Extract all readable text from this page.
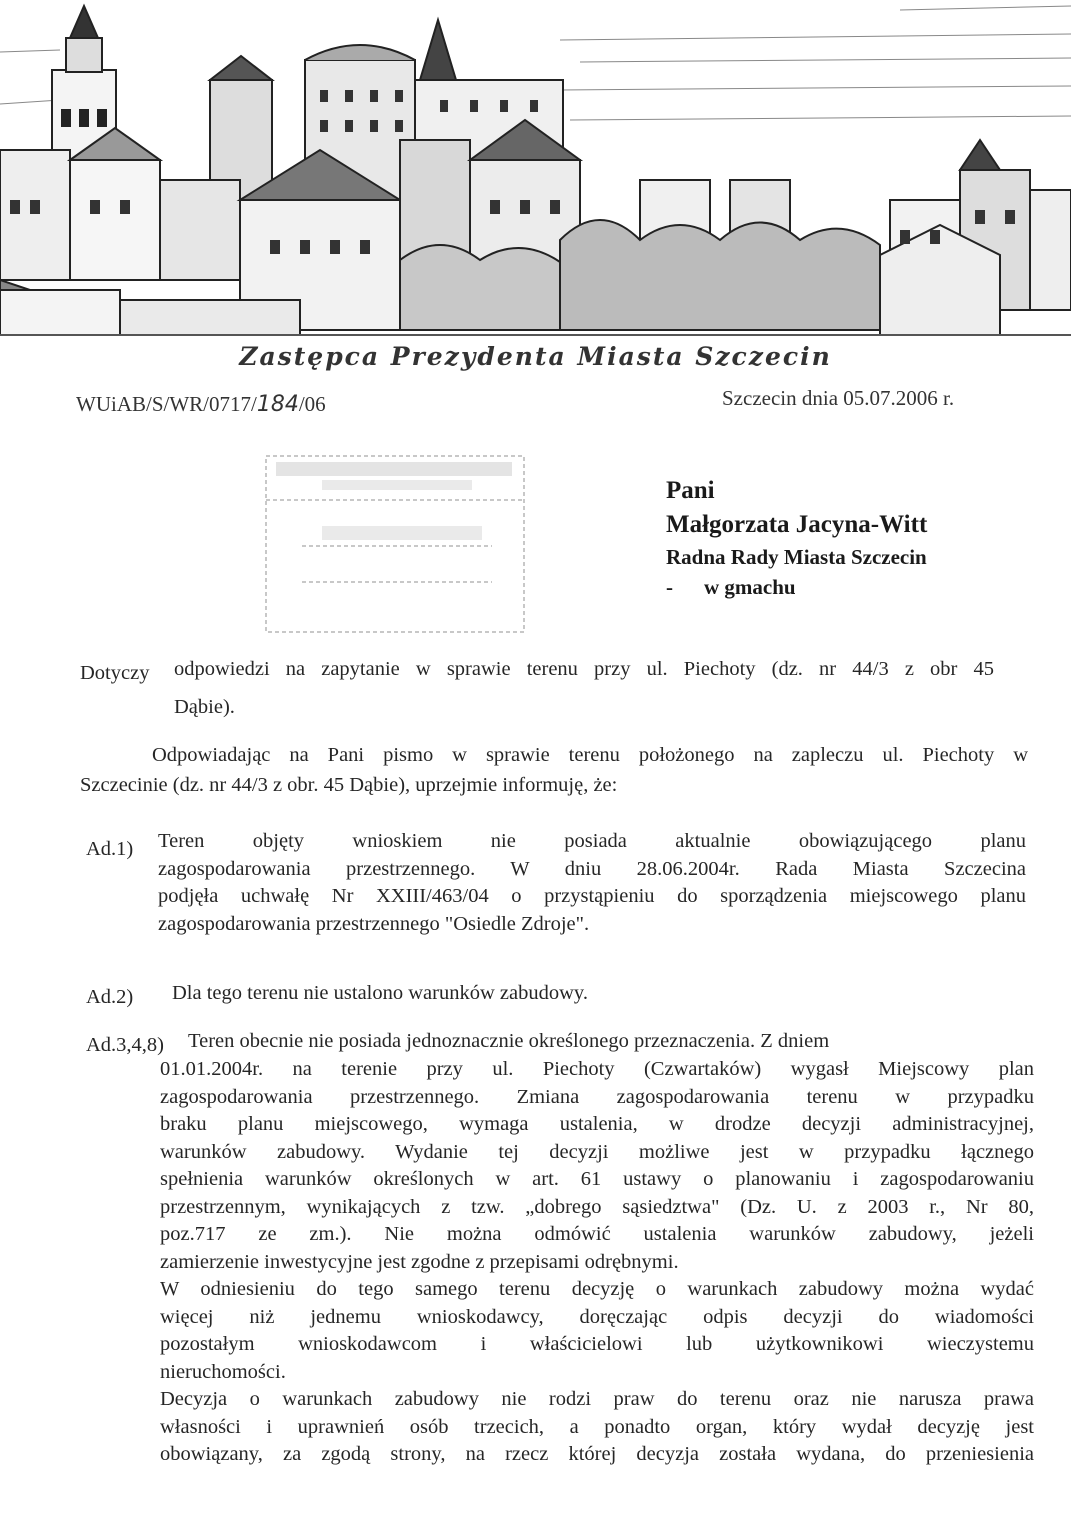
Zastępca Prezydenta Miasta Szczecin
WUiAB/S/WR/0717/184/06	Szczecin dnia 05.07.2006 r.
Pani
Małgorzata Jacyna-Witt
Radna Rady Miasta Szczecin
- w gmachu
Dotyczy odpowiedzi na zapytanie w sprawie terenu przy ul. Piechoty (dz. nr 44/3 z obr 45
Dąbie).
Odpowiadając na Pani pismo w sprawie terenu położonego na zapleczu ul. Piechoty w
Szczecinie (dz. nr 44/3 z obr. 45 Dąbie), uprzejmie informuję, że:
Ad.1) Teren objęty wnioskiem nie posiada aktualnie obowiązującego planu
zagospodarowania przestrzennego. W dniu 28.06.2004r. Rada Miasta Szczecina
podjęła uchwałę Nr XXIII/463/04 o przystąpieniu do sporządzenia miejscowego planu
zagospodarowania przestrzennego "Osiedle Zdroje".
Ad.2) Dla tego terenu nie ustalono warunków zabudowy.
Ad.3,4,8) Teren obecnie nie posiada jednoznacznie określonego przeznaczenia. Z dniem
01.01.2004r. na terenie przy ul. Piechoty (Czwartaków) wygasł Miejscowy plan
zagospodarowania przestrzennego. Zmiana zagospodarowania terenu w przypadku
braku planu miejscowego, wymaga ustalenia, w drodze decyzji administracyjnej,
warunków zabudowy. Wydanie tej decyzji możliwe jest w przypadku łącznego
spełnienia warunków określonych w art. 61 ustawy o planowaniu i zagospodarowaniu
przestrzennym, wynikających z tzw. „dobrego sąsiedztwa" (Dz. U. z 2003 r., Nr 80,
poz.717 ze zm.). Nie można odmówić ustalenia warunków zabudowy, jeżeli
zamierzenie inwestycyjne jest zgodne z przepisami odrębnymi.
W odniesieniu do tego samego terenu decyzję o warunkach zabudowy można wydać
więcej niż jednemu wnioskodawcy, doręczając odpis decyzji do wiadomości
pozostałym wnioskodawcom i właścicielowi lub użytkownikowi wieczystemu
nieruchomości.
Decyzja o warunkach zabudowy nie rodzi praw do terenu oraz nie narusza prawa
własności i uprawnień osób trzecich, a ponadto organ, który wydał decyzję jest
obowiązany, za zgodą strony, na rzecz której decyzja została wydana, do przeniesienia
